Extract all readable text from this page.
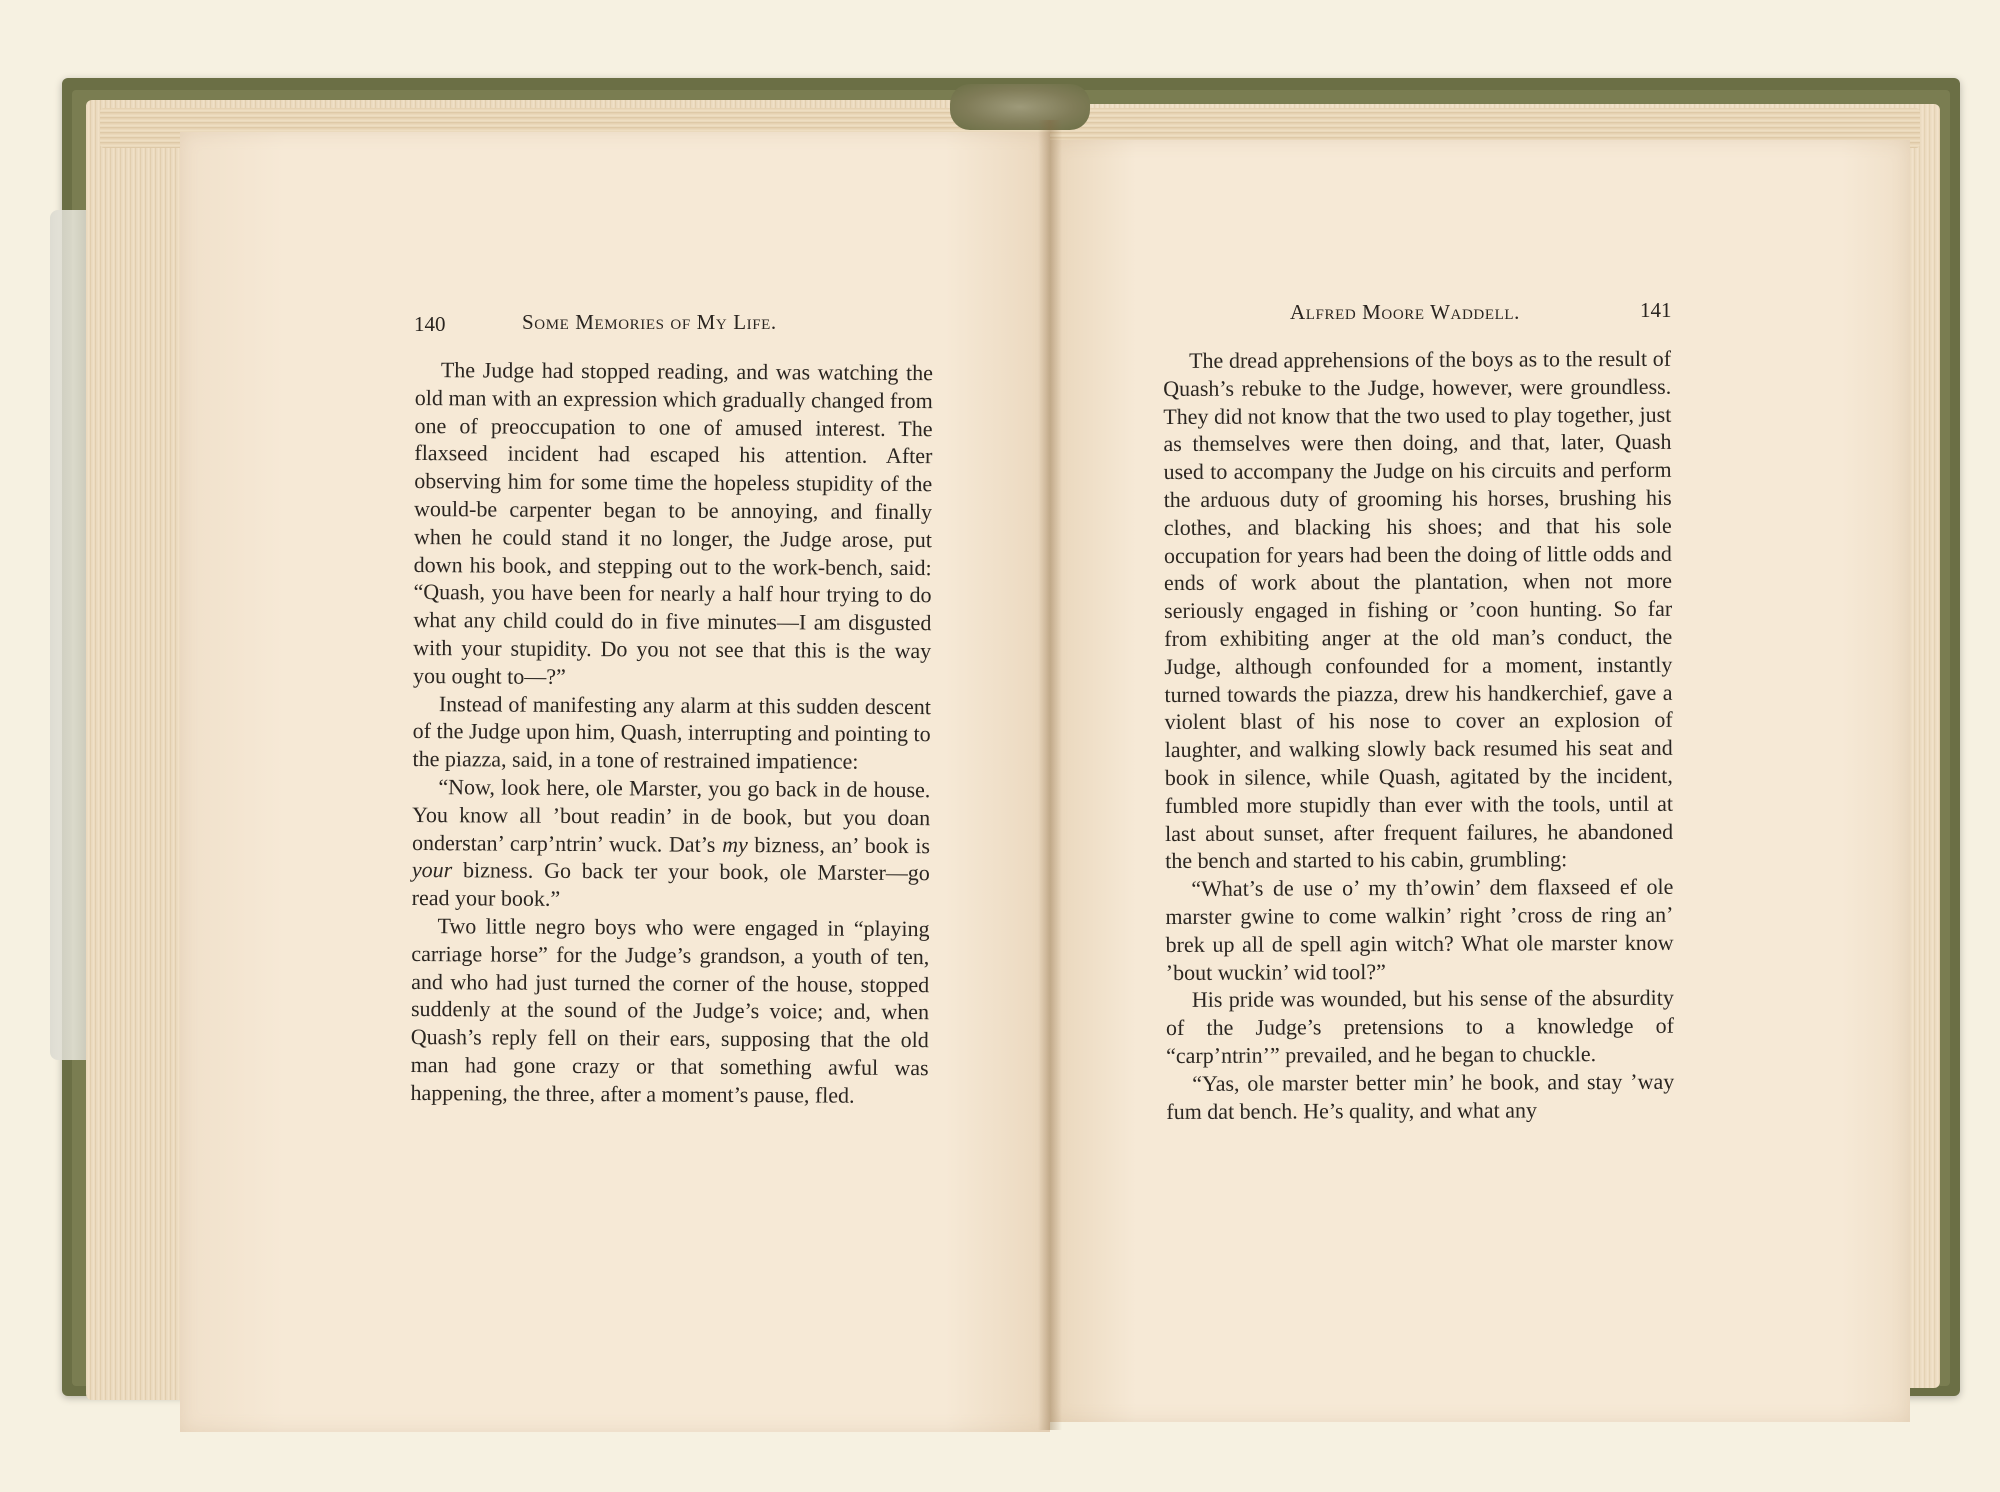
140	Some Memories of My Life.	Alfred Moore Waddell.	141

The Judge had stopped reading, and was watching the old man with an expression which gradually changed from one of preoccupation to one of amused interest. The flaxseed incident had escaped his attention. After observing him for some time the hopeless stupidity of the would-be carpenter began to be annoying, and finally when he could stand it no longer, the Judge arose, put down his book, and stepping out to the work-bench, said: “Quash, you have been for nearly a half hour trying to do what any child could do in five minutes—I am disgusted with your stupidity. Do you not see that this is the way you ought to—?”

Instead of manifesting any alarm at this sudden descent of the Judge upon him, Quash, interrupting and pointing to the piazza, said, in a tone of restrained impatience:

“Now, look here, ole Marster, you go back in de house. You know all ’bout readin’ in de book, but you doan onderstan’ carp’ntrin’ wuck. Dat’s my bizness, an’ book is your bizness. Go back ter your book, ole Marster—go read your book.”

Two little negro boys who were engaged in “playing carriage horse” for the Judge’s grandson, a youth of ten, and who had just turned the corner of the house, stopped suddenly at the sound of the Judge’s voice; and, when Quash’s reply fell on their ears, supposing that the old man had gone crazy or that something awful was happening, the three, after a moment’s pause, fled.

The dread apprehensions of the boys as to the result of Quash’s rebuke to the Judge, however, were groundless. They did not know that the two used to play together, just as themselves were then doing, and that, later, Quash used to accompany the Judge on his circuits and perform the arduous duty of grooming his horses, brushing his clothes, and blacking his shoes; and that his sole occupation for years had been the doing of little odds and ends of work about the plantation, when not more seriously engaged in fishing or ’coon hunting. So far from exhibiting anger at the old man’s conduct, the Judge, although confounded for a moment, instantly turned towards the piazza, drew his handkerchief, gave a violent blast of his nose to cover an explosion of laughter, and walking slowly back resumed his seat and book in silence, while Quash, agitated by the incident, fumbled more stupidly than ever with the tools, until at last about sunset, after frequent failures, he abandoned the bench and started to his cabin, grumbling:

“What’s de use o’ my th’owin’ dem flaxseed ef ole marster gwine to come walkin’ right ’cross de ring an’ brek up all de spell agin witch? What ole marster know ’bout wuckin’ wid tool?”

His pride was wounded, but his sense of the absurdity of the Judge’s pretensions to a knowledge of “carp’ntrin’” prevailed, and he began to chuckle.

“Yas, ole marster better min’ he book, and stay ’way fum dat bench. He’s quality, and what any
